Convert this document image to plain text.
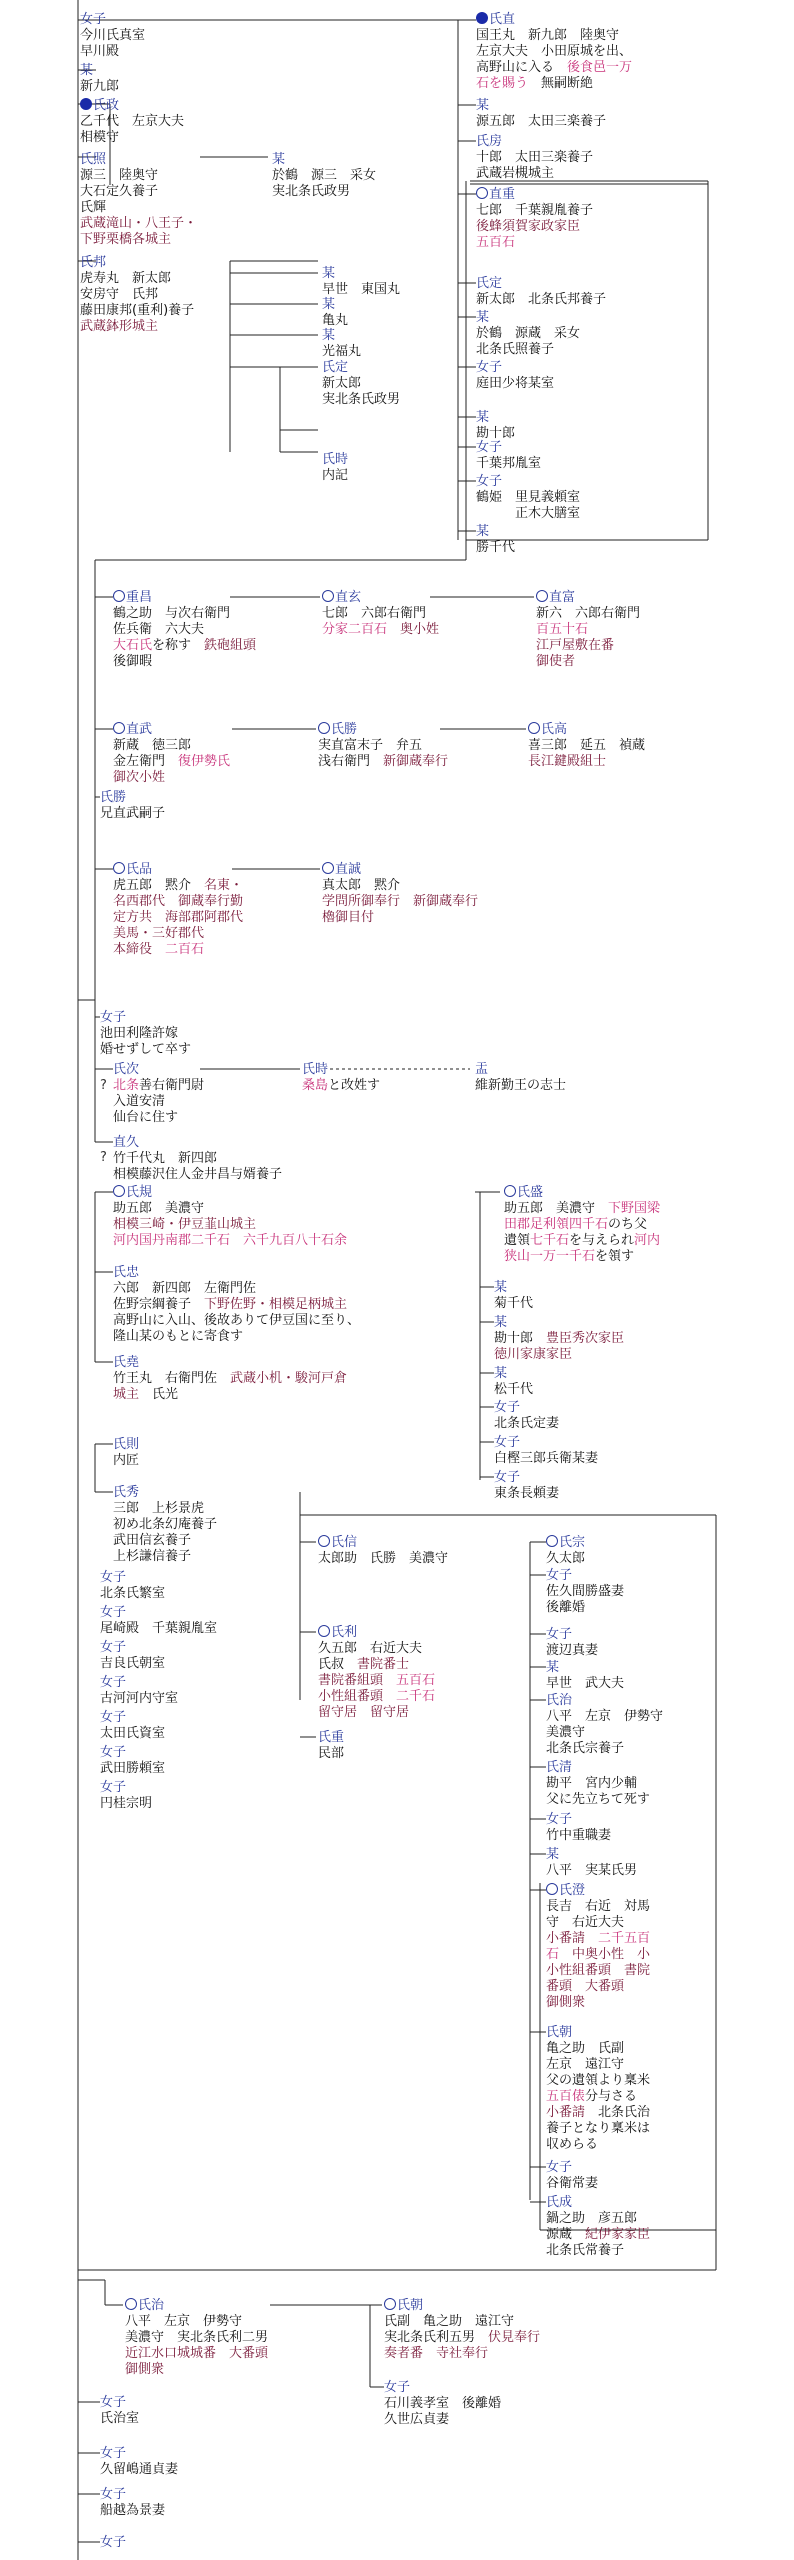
女子
今川氏真室
早川殿
某
新九郎
氏政
乙千代　左京大夫
相模守
氏照
源三　陸奥守
大石定久養子
氏輝
武蔵滝山・八王子・
下野栗橋各城主
某
於鶴　源三　采女
実北条氏政男
氏邦
虎寿丸　新太郎
安房守　氏邦
藤田康邦(重利)養子
武蔵鉢形城主
某
早世　東国丸
某
亀丸
某
光福丸
氏定
新太郎
実北条氏政男
氏時
内記
氏直
国王丸　新九郎　陸奥守
左京大夫　小田原城を出、
高野山に入る　後食邑一万
石を賜う　無嗣断絶
某
源五郎　太田三楽養子
氏房
十郎　太田三楽養子
武蔵岩槻城主
直重
七郎　千葉親胤養子
後蜂須賀家政家臣
五百石
氏定
新太郎　北条氏邦養子
某
於鶴　源蔵　采女
北条氏照養子
女子
庭田少将某室
某
勘十郎
女子
千葉邦胤室
女子
鶴姫　里見義頼室
　　　正木大膳室
某
勝千代
重昌
鶴之助　与次右衛門
佐兵衛　六大夫
大石氏を称す　鉄砲組頭
後御暇
直玄
七郎　六郎右衛門
分家二百石　 奥小姓
直富
新六　六郎右衛門
百五十石
江戸屋敷在番
御使者
直武
新蔵　徳三郎
金左衛門　復伊勢氏
御次小姓
氏勝
兄直武嗣子
氏勝
実直富末子　弁五
浅右衛門　新御蔵奉行
氏高
喜三郎　延五　禎蔵
長江鍵殿組士
氏品
虎五郎　黙介　名東・
名西郡代　御蔵奉行勤
定方共　海部郡阿郡代
美馬・三好郡代
本締役　 二百石
直誠
真太郎　黙介
学問所御奉行　新御蔵奉行
櫓御目付
女子
池田利隆許嫁
婚せずして卒す
氏次
北条善右衛門尉
入道安清
仙台に住す
氏時
桑島と改姓す
盂
維新勤王の志士
直久
竹千代丸　新四郎
相模藤沢住人金井昌与婿養子
氏規
助五郎　美濃守
相模三崎・伊豆韮山城主
河内国丹南郡二千石　六千九百八十石余
氏忠
六郎　新四郎　左衛門佐
佐野宗綱養子　下野佐野・相模足柄城主
高野山に入山、後故ありて伊豆国に至り、
隆山某のもとに寄食す
氏堯
竹王丸　右衛門佐　武蔵小机・駿河戸倉
城主　氏光
氏盛
助五郎　美濃守　下野国梁
田郡足利領四千石のち父
遺領七千石を与えられ河内
狭山一万一千石を領す
某
菊千代
某
勘十郎　豊臣秀次家臣
徳川家康家臣
某
松千代
女子
北条氏定妻
女子
白樫三郎兵衛某妻
女子
東条長頼妻
氏則
内匠
氏秀
三郎　上杉景虎
初め北条幻庵養子
武田信玄養子
上杉謙信養子
女子
北条氏繁室
女子
尾崎殿　千葉親胤室
女子
吉良氏朝室
女子
古河河内守室
女子
太田氏資室
女子
武田勝頼室
女子
円桂宗明
氏信
太郎助　氏勝　美濃守
氏利
久五郎　右近大夫
氏叔　書院番士
書院番組頭　 五百石
小性組番頭　 二千石
留守居　留守居
氏重
民部
氏宗
久太郎
女子
佐久間勝盛妻
後離婚
女子
渡辺真妻
某
早世　武大夫
氏治
八平　左京　伊勢守
美濃守
北条氏宗養子
氏清
勘平　宮内少輔
父に先立ちて死す
女子
竹中重職妻
某
八平　実某氏男
氏澄
長吉　右近　対馬
守　右近大夫
小番請　 二千五百
石　 中奥小性　小
小性組番頭　書院
番頭　大番頭
御側衆
氏朝
亀之助　氏副
左京　遠江守
父の遺領より稟米
五百俵分与さる
小番請　北条氏治
養子となり稟米は
収めらる
女子
谷衛常妻
氏成
鍋之助　彦五郎
源蔵　紀伊家家臣
北条氏常養子
氏治
八平　左京　伊勢守
美濃守　実北条氏利二男
近江水口城城番　 大番頭
御側衆
氏朝
氏副　亀之助　遠江守
実北条氏利五男　伏見奉行
奏者番　寺社奉行
女子
石川義孝室　後離婚
久世広貞妻
女子
氏治室
女子
久留嶋通貞妻
女子
船越為景妻
女子
?
?
